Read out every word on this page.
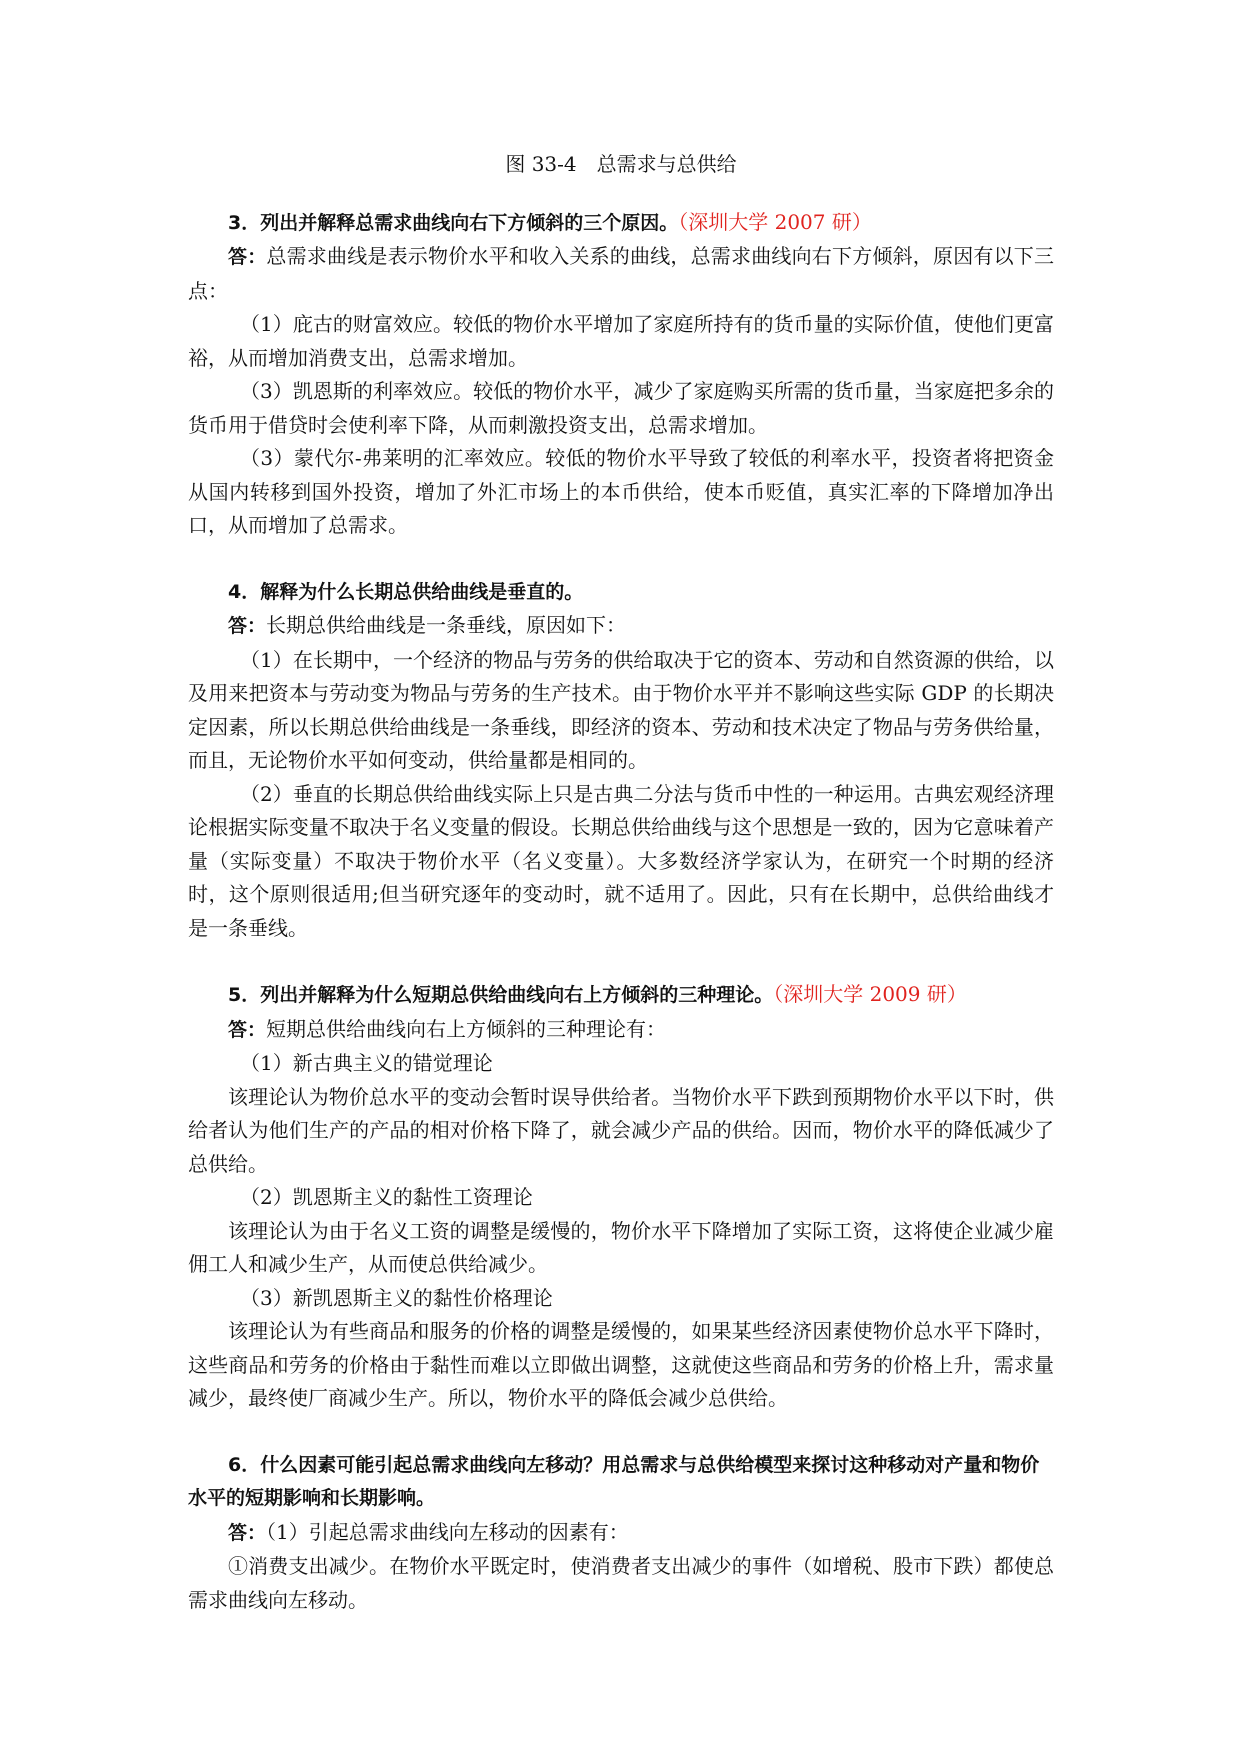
图 33-4　总需求与总供给

3．列出并解释总需求曲线向右下方倾斜的三个原因。（深圳大学 2007 研）

答：总需求曲线是表示物价水平和收入关系的曲线，总需求曲线向右下方倾斜，原因有以下三点：

（1）庇古的财富效应。较低的物价水平增加了家庭所持有的货币量的实际价值，使他们更富裕，从而增加消费支出，总需求增加。

（3）凯恩斯的利率效应。较低的物价水平，减少了家庭购买所需的货币量，当家庭把多余的货币用于借贷时会使利率下降，从而刺激投资支出，总需求增加。

（3）蒙代尔-弗莱明的汇率效应。较低的物价水平导致了较低的利率水平，投资者将把资金从国内转移到国外投资，增加了外汇市场上的本币供给，使本币贬值，真实汇率的下降增加净出口，从而增加了总需求。

4．解释为什么长期总供给曲线是垂直的。

答：长期总供给曲线是一条垂线，原因如下：

（1）在长期中，一个经济的物品与劳务的供给取决于它的资本、劳动和自然资源的供给，以及用来把资本与劳动变为物品与劳务的生产技术。由于物价水平并不影响这些实际 GDP 的长期决定因素，所以长期总供给曲线是一条垂线，即经济的资本、劳动和技术决定了物品与劳务供给量，而且，无论物价水平如何变动，供给量都是相同的。

（2）垂直的长期总供给曲线实际上只是古典二分法与货币中性的一种运用。古典宏观经济理论根据实际变量不取决于名义变量的假设。长期总供给曲线与这个思想是一致的，因为它意味着产量（实际变量）不取决于物价水平（名义变量）。大多数经济学家认为，在研究一个时期的经济时，这个原则很适用;但当研究逐年的变动时，就不适用了。因此，只有在长期中，总供给曲线才是一条垂线。

5．列出并解释为什么短期总供给曲线向右上方倾斜的三种理论。（深圳大学 2009 研）

答：短期总供给曲线向右上方倾斜的三种理论有：

（1）新古典主义的错觉理论

该理论认为物价总水平的变动会暂时误导供给者。当物价水平下跌到预期物价水平以下时，供给者认为他们生产的产品的相对价格下降了，就会减少产品的供给。因而，物价水平的降低减少了总供给。

（2）凯恩斯主义的黏性工资理论

该理论认为由于名义工资的调整是缓慢的，物价水平下降增加了实际工资，这将使企业减少雇佣工人和减少生产，从而使总供给减少。

（3）新凯恩斯主义的黏性价格理论

该理论认为有些商品和服务的价格的调整是缓慢的，如果某些经济因素使物价总水平下降时，这些商品和劳务的价格由于黏性而难以立即做出调整，这就使这些商品和劳务的价格上升，需求量减少，最终使厂商减少生产。所以，物价水平的降低会减少总供给。

6．什么因素可能引起总需求曲线向左移动？用总需求与总供给模型来探讨这种移动对产量和物价水平的短期影响和长期影响。

答：（1）引起总需求曲线向左移动的因素有：

①消费支出减少。在物价水平既定时，使消费者支出减少的事件（如增税、股市下跌）都使总需求曲线向左移动。
